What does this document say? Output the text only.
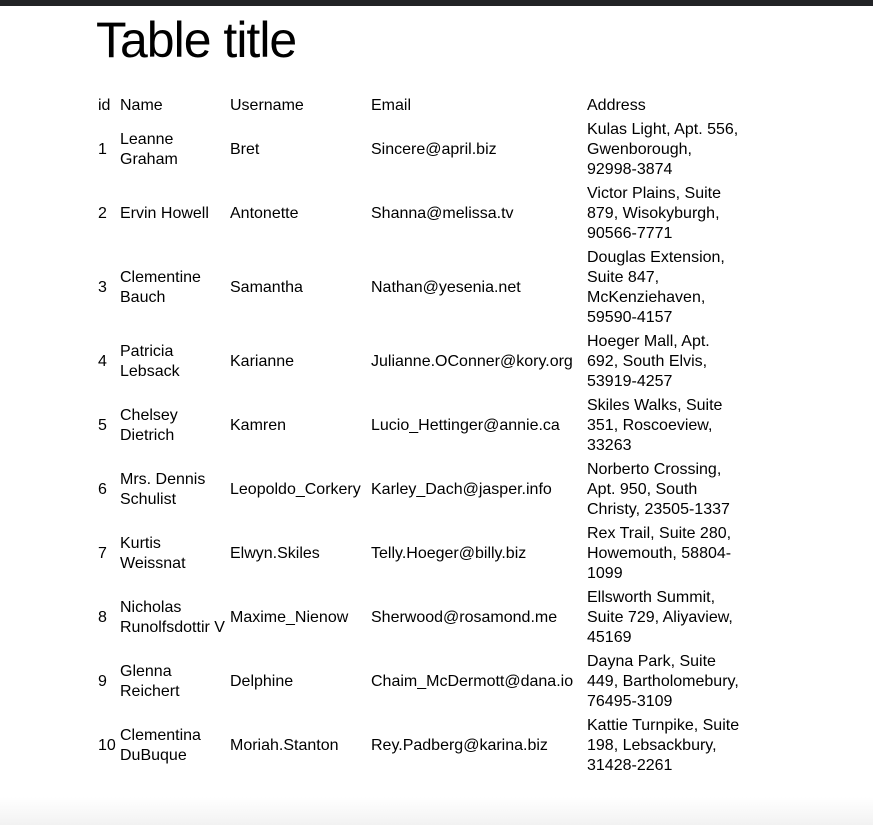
Table title
id	Name	Username	Email	Address
1	Leanne Graham	Bret	Sincere@april.biz	Kulas Light, Apt. 556, Gwenborough, 92998-3874
2	Ervin Howell	Antonette	Shanna@melissa.tv	Victor Plains, Suite 879, Wisokyburgh, 90566-7771
3	Clementine Bauch	Samantha	Nathan@yesenia.net	Douglas Extension, Suite 847, McKenziehaven, 59590-4157
4	Patricia Lebsack	Karianne	Julianne.OConner@kory.org	Hoeger Mall, Apt. 692, South Elvis, 53919-4257
5	Chelsey Dietrich	Kamren	Lucio_Hettinger@annie.ca	Skiles Walks, Suite 351, Roscoeview, 33263
6	Mrs. Dennis Schulist	Leopoldo_Corkery	Karley_Dach@jasper.info	Norberto Crossing, Apt. 950, South Christy, 23505-1337
7	Kurtis Weissnat	Elwyn.Skiles	Telly.Hoeger@billy.biz	Rex Trail, Suite 280, Howemouth, 58804-1099
8	Nicholas Runolfsdottir V	Maxime_Nienow	Sherwood@rosamond.me	Ellsworth Summit, Suite 729, Aliyaview, 45169
9	Glenna Reichert	Delphine	Chaim_McDermott@dana.io	Dayna Park, Suite 449, Bartholomebury, 76495-3109
10	Clementina DuBuque	Moriah.Stanton	Rey.Padberg@karina.biz	Kattie Turnpike, Suite 198, Lebsackbury, 31428-2261
